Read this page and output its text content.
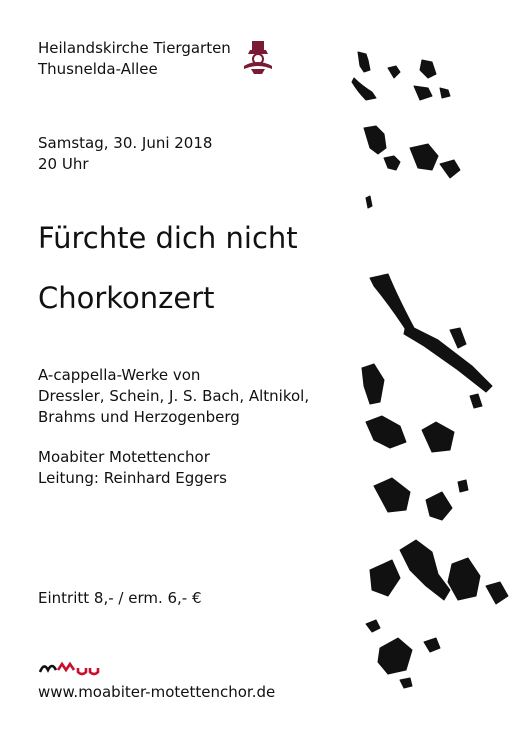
Heilandskirche Tiergarten
Thusnelda-Allee
Samstag, 30. Juni 2018
20 Uhr
Fürchte dich nicht
Chorkonzert
A-cappella-Werke von
Dressler, Schein, J. S. Bach, Altnikol,
Brahms und Herzogenberg
Moabiter Motettenchor
Leitung: Reinhard Eggers
Eintritt 8,- / erm. 6,- €
www.moabiter-motettenchor.de
